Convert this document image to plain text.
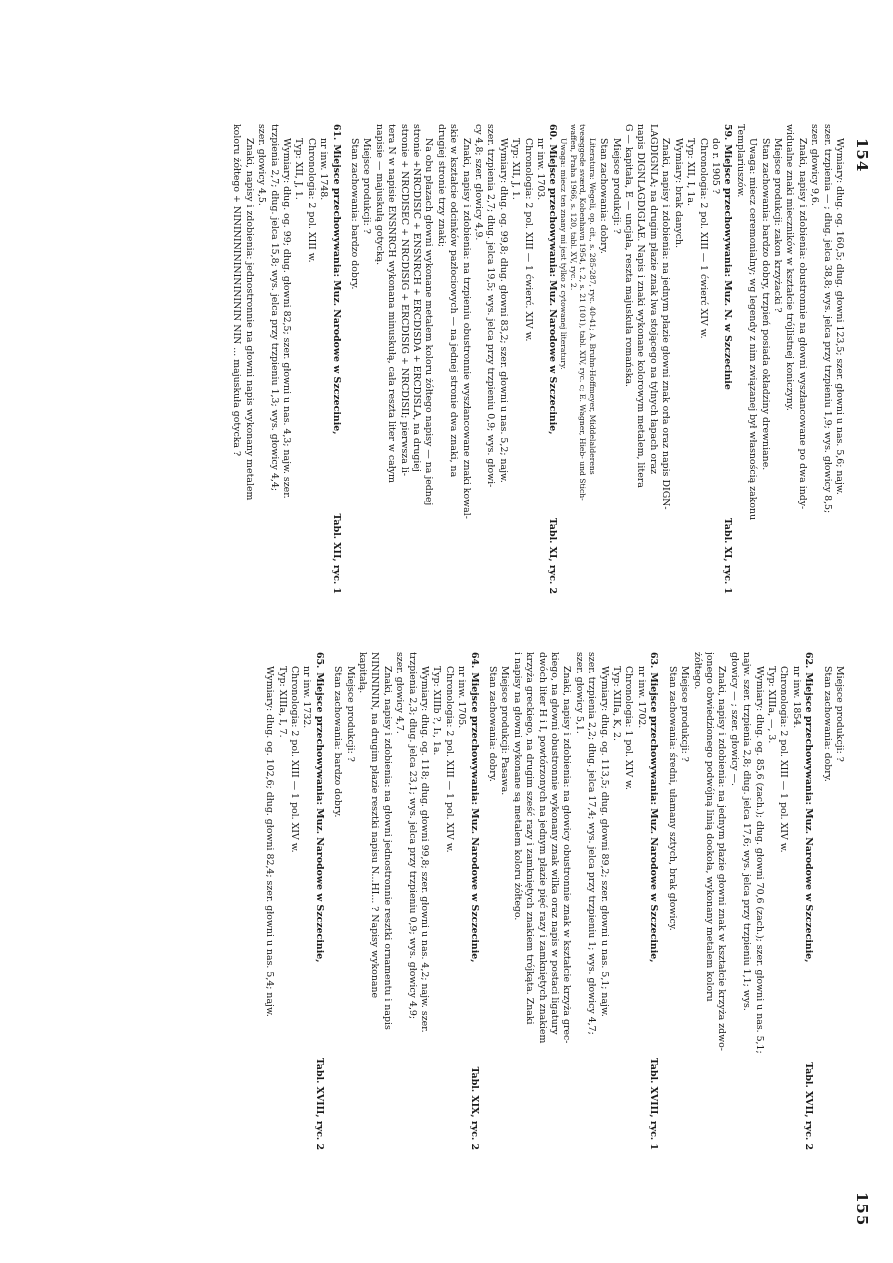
154
Wymiary: dług. og. 160,5; dług. głowni 123,5; szer. głowni u nas. 5,6; najw.
szer. trzpienia — ; dług. jelca 38,8; wys. jelca przy trzpieniu 1,9; wys. głowicy 8,5;
szer. głowicy 9,6.
Znaki, napisy i zdobienia: obustronnie na głowni wyszłancowane po dwa indy-
widualne znaki mieczników w kształcie trójlistnej koniczyny.
Miejsce produkcji: zakon krzyżacki ?
Stan zachowania: bardzo dobry, trzpień posiada okładziny drewniane.
Uwaga: miecz ceremonialny; wg legendy z nim związanej był własnością zakonu
Templariuszów.
59.Miejsce przechowywania: Muz. N. w Szczecinie
Tabl. XI, ryc. 1
do r. 1905 ?
Chronologia: 2 pol. XIII — 1 ćwierć XIV w.
Typ: XII, I, 1a.
Wymiary: brak danych.
Znaki, napisy i zdobienia: na jednym płazie głowni znak orła oraz napis DIGN-
LAGDIGNLA; na drugim płazie znak lwa stojącego na tylnych łapach oraz
napis DIGNLAGDIGLAE. Napis i znaki wykonane kolorowym metalem, litera
G — kapitała, E — uncjała, reszta majuskuła romańska.
Miejsce produkcji: ?
Stan zachowania: dobry.
Literatura: Wegeli, op. cit., s. 285-287, ryc. 40-41; A. Bruhn-Hoffmeyer, Middelalderens
tveæggede sværd, Kobenhavn 1954, t. 2, s. 21 (101), tabl. XIV, ryc. c; E. Wagner, Hieb- und Stich-
waffen, Praha 1966, s. 120, tabl. XV, ryc. 2.
Uwaga: miecz ten znany mi jest tylko z cytowanej literatury.
60.Miejsce przechowywania: Muz. Narodowe w Szczecinie,
Tabl. XI, ryc. 2
nr inw. 1703.
Chronologia: 2 pol. XIII — 1 ćwierć. XIV w.
Typ: XII, J, 1.
Wymiary: dług. og. 99,8; dług. głowni 83,2; szer. głowni u nas. 5,2; najw.
szer. trzpienia 2,7; dług. jelca 19,5; wys. jelca przy trzpieniu 0,9; wys. głowi-
cy 4,8; szer. głowicy 4,9.
Znaki, napisy i zdobienia: na trzpieniu obustronnie wyszłancowane znaki kowal-
skie w kształcie odcinków pazłociowych — na jednej stronie dwa znaki, na
drugiej stronie trzy znaki;
Na obu płazach głowni wykonane metalem koloru żółtego napisy — na jednej
stronie +NRCDISIC + ENSNRCH + ERCDISDA + ERCDISLA, na drugiej
stronie + NRCDISEC + NRCDISIG + ERCDISIG + NRCDISII; pierwsza li-
tera N w napisie ENSNRCH wykonana minuskułą, cała reszta liter w całym
napisie — majuskułą gotycką.
Miejsce produkcji: ?
Stan zachowania: bardzo dobry.
61.Miejsce przechowywania: Muz. Narodowe w Szczecinie,
Tabl. XII, ryc. 1
nr inw. 1748.
Chronologia: 2 pol. XIII w.
Typ: XII, J, 1.
Wymiary: dług. og. 99; dług. głowni 82,5; szer. głowni u nas. 4,3; najw. szer.
trzpienia 2,7; dług. jelca 15,8; wys. jelca przy trzpieniu 1,3; wys. głowicy 4,4;
szer. głowicy 4,5.
Znaki, napisy i zdobienia: jednostronnie na głowni napis wykonany metalem
koloru żółtego + NINININININININININ NIN ... majuskuła gotycka ?
155
Miejsce produkcji: ?
Stan zachowania: dobry.
62.Miejsce przechowywania: Muz. Narodowe w Szczecinie,
Tabl. XVII, ryc. 2
nr inw. 1854.
Chronologia: 2 pol. XIII — 1 pol. XIV w.
Typ: XIIIa, —, 3.
Wymiary: dług. og. 85,6 (zach.); dług. głowni 70,6 (zach.); szer. głowni u nas. 5,1;
najw. szer. trzpienia 2,8; dług. jelca 17,6; wys. jelca przy trzpieniu 1,1; wys.
głowicy — ; szer. głowicy —.
Znaki, napisy i zdobienia: na jednym płazie głowni znak w kształcie krzyża zdwo-
jonego obwiedzionego podwójną linią dookoła, wykonany metalem koloru
żółtego.
Miejsce produkcji: ?
Stan zachowania: średni, ułamany sztych, brak głowicy.
63.Miejsce przechowywania: Muz. Narodowe w Szczecinie,
Tabl. XVIII, ryc. 1
nr inw. 1702.
Chronologia: 1 pol. XIV w.
Typ: XIIIa, K, 2.
Wymiary: dług. og. 113,5; dług. głowni 89,2; szer. głowni u nas. 5,1; najw.
szer. trzpienia 2,2; dług. jelca 17,4; wys. jelca przy trzpieniu 1; wys. głowicy 4,7;
szer. głowicy 5,1.
Znaki, napisy i zdobienia: na głowicy obustronnie znak w kształcie krzyża grec-
kiego, na głowni obustronnie wykonany znak wilka oraz napis w postaci ligatury
dwóch liter H i I, powtórzonych na jednym płazie pięć razy i zamkniętych znakiem
krzyża greckiego, na drugim sześć razy i zamkniętych znakiem trójkąta. Znaki
i napisy na głowni wykonane są metalem koloru żółtego.
Miejsce produkcji: Pasawa.
Stan zachowania: dobry.
64.Miejsce przechowywania: Muz. Narodowe w Szczecinie,
Tabl. XIX, ryc. 2
nr inw. 1705.
Chronologia: 2 pol. XIII — 1 pol. XIV w.
Typ: XIIIb ?, I₁, 1a.
Wymiary: dług. og. 118; dług. głowni 99,8; szer. głowni u nas. 4,2; najw. szer.
trzpienia 2,3; dług. jelca 23,1; wys. jelca przy trzpieniu 0,9; wys. głowicy 4,9;
szer. głowicy 4,7.
Znaki, napisy i zdobienia: na głowni jednostronnie resztki ornamentu i napis
NININININ, na drugim płazie resztki napisu N...HI... ? Napisy wykonane
kapitałą.
Miejsce produkcji: ?
Stan zachowania: bardzo dobry.
65.Miejsce przechowywania: Muz. Narodowe w Szczecinie,
Tabl. XVIII, ryc. 2
nr inw. 1732.
Chronologia: 2 pol. XIII — 1 pol. XIV w.
Typ: XIIIa, I, 7.
Wymiary: dług. og. 102,6; dług. głowni 82,4; szer. głowni u nas. 5,4; najw.
